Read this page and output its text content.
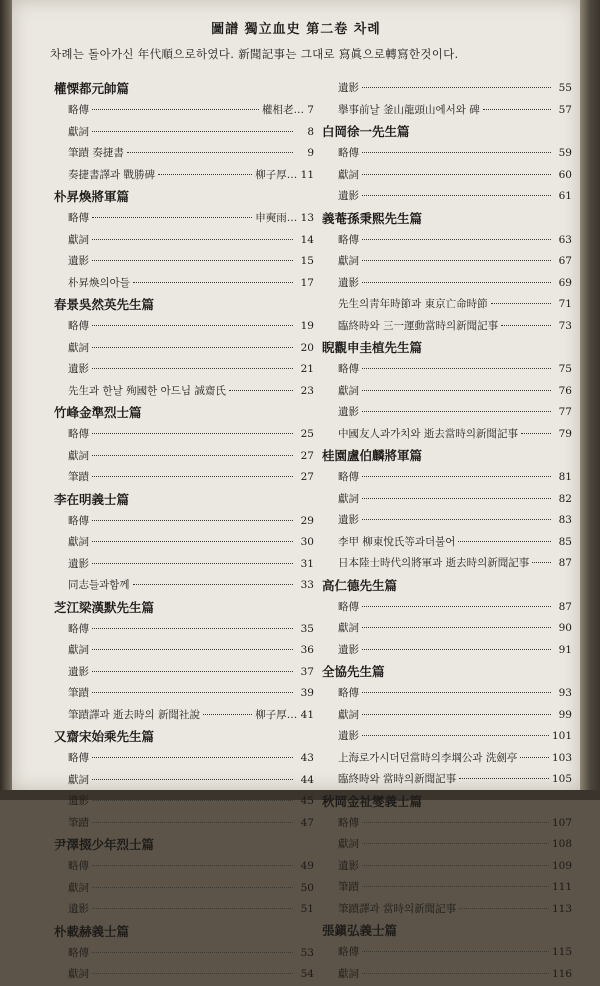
圖譜 獨立血史 第二卷 차례
차례는 돌아가신 年代順으로하였다. 新聞記事는 그대로 寫眞으로轉寫한것이다.
權慄都元帥篇
略傳	權相老… 7
獻詞	8
筆蹟 奏捷書	9
奏捷書譯과 戰勝碑	柳子厚… 11
朴昇煥將軍篇
略傳	申奭雨… 13
獻詞	14
遺影	15
朴昇煥의아들	17
春景吳然英先生篇
略傳	19
獻詞	20
遺影	21
先生과 한날 殉國한 아드님 誠齋氏	23
竹峰金準烈士篇
略傳	25
獻詞	27
筆蹟	27
李在明義士篇
略傳	29
獻詞	30
遺影	31
同志들과함께	33
芝江梁漢默先生篇
略傳	35
獻詞	36
遺影	37
筆蹟	39
筆蹟譯과 逝去時의 新聞社說	柳子厚… 41
又齋宋始乘先生篇
略傳	43
獻詞	44
遺影	45
筆蹟	47
尹澤掇少年烈士篇
略傳	49
獻詞	50
遺影	51
朴載赫義士篇
略傳	53
獻詞	54
遺影	55
擧事前날 釜山龍頭山에서와 碑	57
白岡徐一先生篇
略傳	59
獻詞	60
遺影	61
義菴孫秉熙先生篇
略傳	63
獻詞	67
遺影	69
先生의靑年時節과 東京亡命時節	71
臨終時와 三一運動當時의新聞記事	73
睨觀申圭植先生篇
略傳	75
獻詞	76
遺影	77
中國友人과가치와 逝去當時의新聞記事	79
桂園盧伯麟將軍篇
略傳	81
獻詞	82
遺影	83
李甲 柳東悅氏等과더불어	85
日本陸士時代의將軍과 逝去時의新聞記事	87
高仁德先生篇
略傳	87
獻詞	90
遺影	91
全協先生篇
略傳	93
獻詞	99
遺影	101
上海로가시더던當時의李堈公과 洗劍亭	103
臨終時와 當時의新聞記事	105
秋岡金祉燮義士篇
略傳	107
獻詞	108
遺影	109
筆蹟	111
筆蹟譯과 當時의新聞記事	113
張鎭弘義士篇
略傳	115
獻詞	116
